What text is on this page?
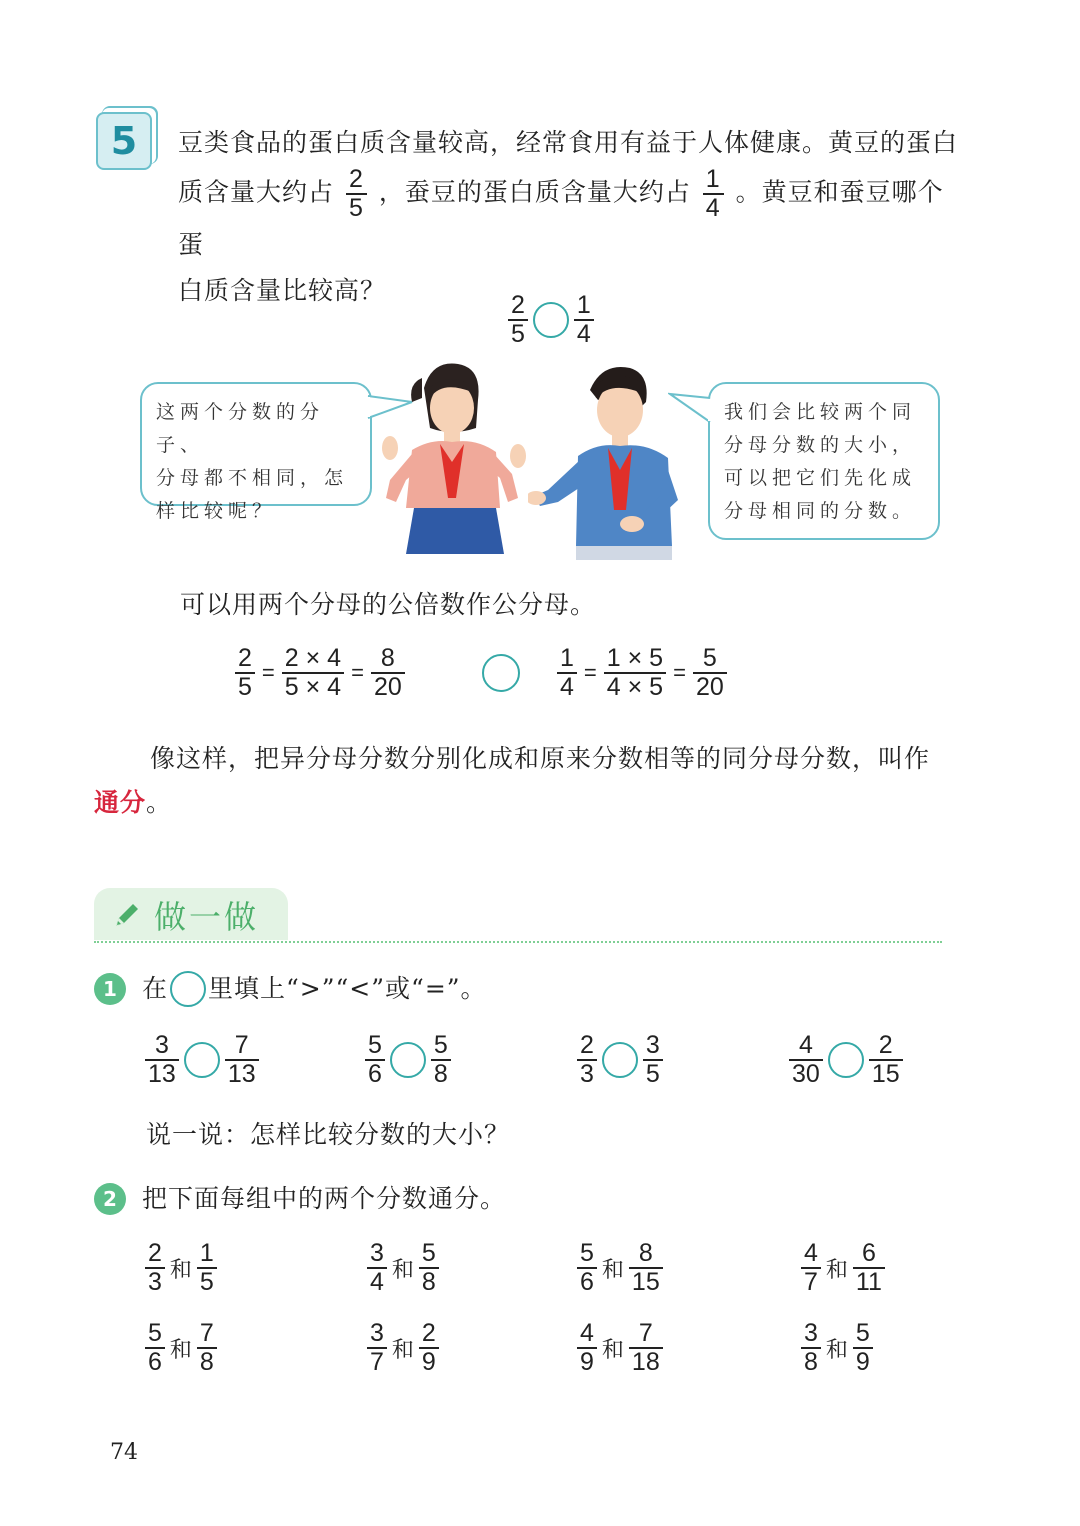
5 豆类食品的蛋白质含量较高，经常食用有益于人体健康。黄豆的蛋白
质含量大约占 $\frac{2}{5}$ ，蚕豆的蛋白质含量大约占 $\frac{1}{4}$ 。黄豆和蚕豆哪个蛋
白质含量比较高？
$\frac{2}{5} \frac{1}{4}$
这两个分数的分子、
分母都不相同，怎
样比较呢？
我们会比较两个同
分母分数的大小，
可以把它们先化成
分母相同的分数。
可以用两个分母的公倍数作公分母。
$\frac{2}{5} = \frac{2 \times 4}{5 \times 4} = \frac{8}{20}$	$\frac{1}{4} = \frac{1 \times 5}{4 \times 5} = \frac{5}{20}$
像这样，把异分母分数分别化成和原来分数相等的同分母分数，叫作
通分。
做一做
1	在 里填上“>”“<”或“=”。
$\frac{3}{13} \frac{7}{13}$	$\frac{5}{6} \frac{5}{8}$	$\frac{2}{3} \frac{3}{5}$	$\frac{4}{30} \frac{2}{15}$
说一说：怎样比较分数的大小？
2	把下面每组中的两个分数通分。
$\frac{2}{3}$ 和 $\frac{1}{5}$	$\frac{3}{4}$ 和 $\frac{5}{8}$	$\frac{5}{6}$ 和 $\frac{8}{15}$	$\frac{4}{7}$ 和 $\frac{6}{11}$
$\frac{5}{6}$ 和 $\frac{7}{8}$	$\frac{3}{7}$ 和 $\frac{2}{9}$	$\frac{4}{9}$ 和 $\frac{7}{18}$	$\frac{3}{8}$ 和 $\frac{5}{9}$
74
